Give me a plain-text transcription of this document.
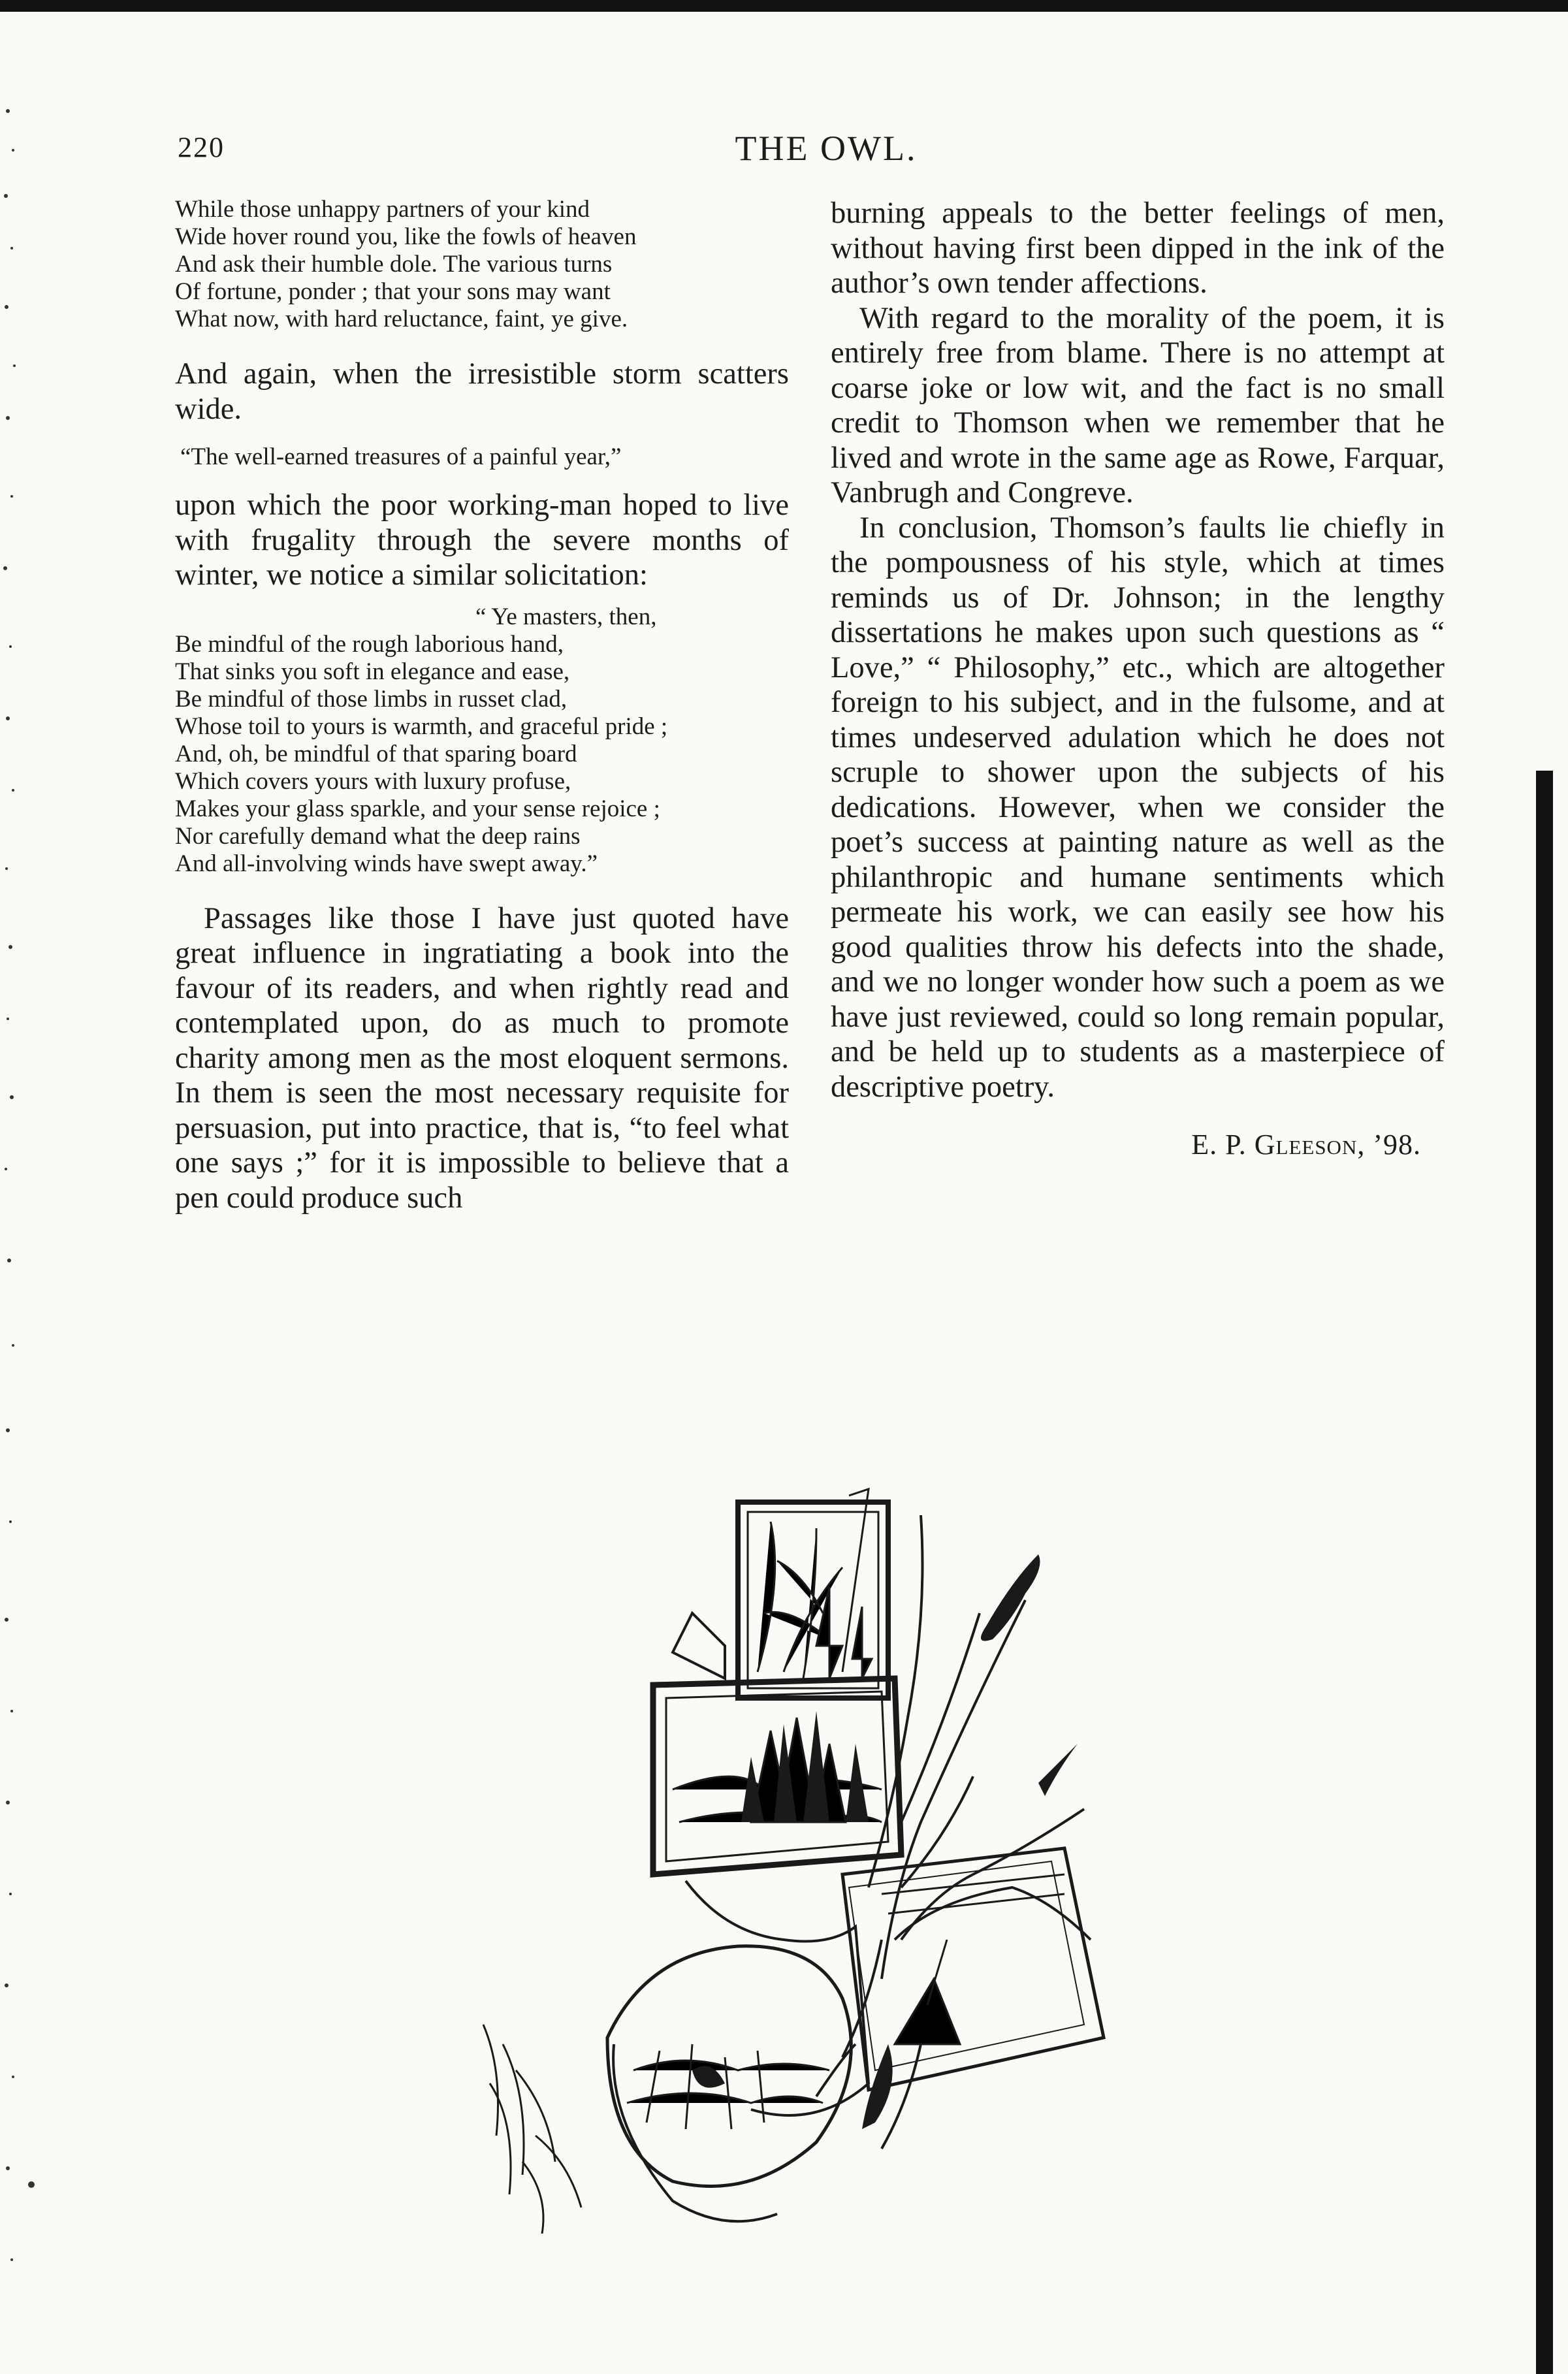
220	THE OWL.
While those unhappy partners of your kind
Wide hover round you, like the fowls of heaven
And ask their humble dole. The various turns
Of fortune, ponder ; that your sons may want
What now, with hard reluctance, faint, ye give.

And again, when the irresistible storm scatters wide.

“The well-earned treasures of a painful year,”

upon which the poor working-man hoped to live with frugality through the severe months of winter, we notice a similar solicitation:

“ Ye masters, then,
Be mindful of the rough laborious hand,
That sinks you soft in elegance and ease,
Be mindful of those limbs in russet clad,
Whose toil to yours is warmth, and graceful pride ;
And, oh, be mindful of that sparing board
Which covers yours with luxury profuse,
Makes your glass sparkle, and your sense rejoice ;
Nor carefully demand what the deep rains
And all-involving winds have swept away.”

Passages like those I have just quoted have great influence in ingratiating a book into the favour of its readers, and when rightly read and contemplated upon, do as much to promote charity among men as the most eloquent sermons. In them is seen the most necessary requisite for persuasion, put into practice, that is, “to feel what one says ;” for it is impossible to believe that a pen could produce such

burning appeals to the better feelings of men, without having first been dipped in the ink of the author’s own tender affections.

With regard to the morality of the poem, it is entirely free from blame. There is no attempt at coarse joke or low wit, and the fact is no small credit to Thomson when we remember that he lived and wrote in the same age as Rowe, Farquar, Vanbrugh and Congreve.

In conclusion, Thomson’s faults lie chiefly in the pompousness of his style, which at times reminds us of Dr. Johnson; in the lengthy dissertations he makes upon such questions as “ Love,” “ Philosophy,” etc., which are altogether foreign to his subject, and in the fulsome, and at times undeserved adulation which he does not scruple to shower upon the subjects of his dedications. However, when we consider the poet’s success at painting nature as well as the philanthropic and humane sentiments which permeate his work, we can easily see how his good qualities throw his defects into the shade, and we no longer wonder how such a poem as we have just reviewed, could so long remain popular, and be held up to students as a masterpiece of descriptive poetry.

E. P. Gleeson, ’98.
